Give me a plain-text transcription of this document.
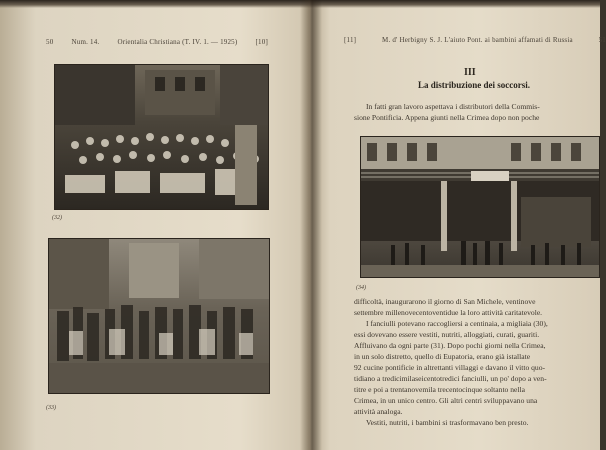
50	Num. 14.	Orientalia Christiana (T. IV. 1. — 1925)	[10]
(32)
(33)
[11]	M. d' Herbigny S. J. L'aiuto Pont. ai bambini affamati di Russia	51
III
La distribuzione dei soccorsi.

In fatti gran lavoro aspettava i distributori della Commis-

sione Pontificia. Appena giunti nella Crimea dopo non poche

(34)

difficoltà, inaugurarono il giorno di San Michele, ventinove

settembre millenovecentoventidue la loro attività caritatevole.

I fanciulli potevano raccogliersi a centinaia, a migliaia (30),

essi dovevano essere vestiti, nutriti, alloggiati, curati, guariti.

Affluivano da ogni parte (31). Dopo pochi giorni nella Crimea,

in un solo distretto, quello di Eupatoria, erano già istallate

92 cucine pontificie in altrettanti villaggi e davano il vitto quo-

tidiano a tredicimilaseicentotredici fanciulli, un po' dopo a ven-

titre e poi a trentanovemila trecentocinque soltanto nella

Crimea, in un unico centro. Gli altri centri sviluppavano una

attività analoga.

Vestiti, nutriti, i bambini si trasformavano ben presto.
